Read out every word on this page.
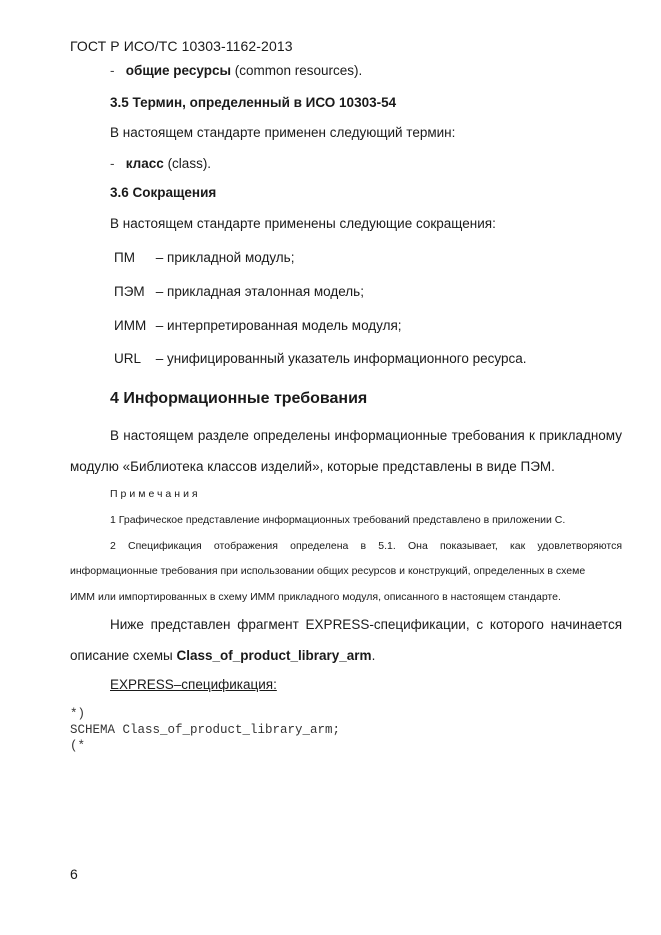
ГОСТ Р ИСО/ТС 10303-1162-2013
- общие ресурсы (common resources).
3.5 Термин, определенный в ИСО 10303-54
В настоящем стандарте применен следующий термин:
- класс (class).
3.6 Сокращения
В настоящем стандарте применены следующие сокращения:
ПМ – прикладной модуль;
ПЭМ – прикладная эталонная модель;
ИММ – интерпретированная модель модуля;
URL – унифицированный указатель информационного ресурса.
4 Информационные требования
В настоящем разделе определены информационные требования к прикладному
модулю «Библиотека классов изделий», которые представлены в виде ПЭМ.
Примечания
1 Графическое представление информационных требований представлено в приложении C.
2 Спецификация отображения определена в 5.1. Она показывает, как удовлетворяются
информационные требования при использовании общих ресурсов и конструкций, определенных в схеме
ИММ или импортированных в схему ИММ прикладного модуля, описанного в настоящем стандарте.
Ниже представлен фрагмент EXPRESS-спецификации, с которого начинается
описание схемы Class_of_product_library_arm.
EXPRESS–спецификация:
*)
SCHEMA Class_of_product_library_arm;
(*
6
